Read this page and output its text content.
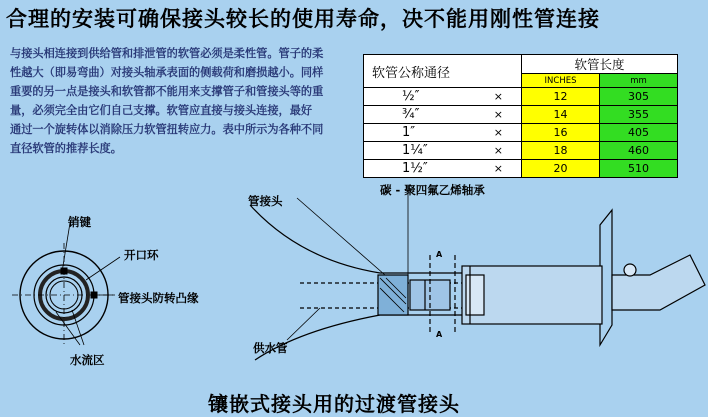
合理的安装可确保接头较长的使用寿命，决不能用刚性管连接
与接头相连接到供给管和排泄管的软管必须是柔性管。管子的柔
性越大（即易弯曲）对接头轴承表面的侧载荷和磨损越小。同样
重要的另一点是接头和软管都不能用来支撑管子和管接头等的重
量，必须完全由它们自己支撑。软管应直接与接头连接，最好
通过一个旋转体以消除压力软管扭转应力。表中所示为各种不同
直径软管的推荐长度。
软管公称通径		软管长度	
		INCHES	mm
½″	×	12	305
¾″	×	14	355
1″	×	16	405
1¼″	×	18	460
1½″	×	20	510
销键
开口环
管接头防转凸缘
水流区
管接头
碳 - 聚四氟乙烯轴承
供水管
A
A
镶嵌式接头用的过渡管接头
